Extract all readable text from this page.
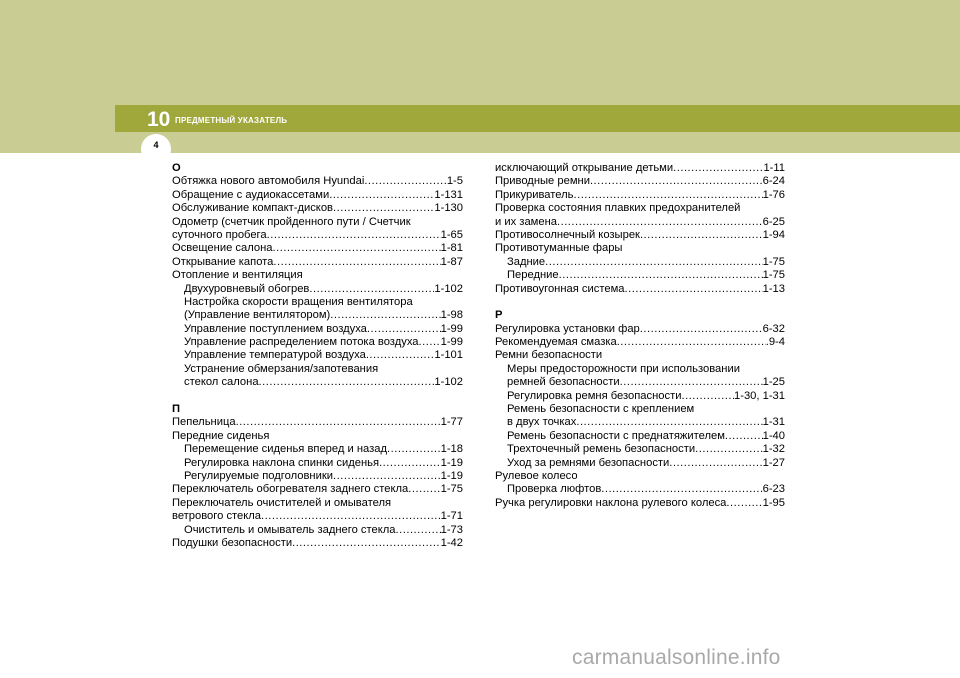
10 ПРЕДМЕТНЫЙ УКАЗАТЕЛЬ
4
О
Обтяжка нового автомобиля Hyundai .....	1-5
Обращение с аудиокассетами .....	1-131
Обслуживание компакт-дисков .....	1-130
Одометр (счетчик пройденного пути / Счетчик
суточного пробега .....	1-65
Освещение салона .....	1-81
Открывание капота .....	1-87
Отопление и вентиляция
Двухуровневый обогрев .....	1-102
Настройка скорости вращения вентилятора
(Управление вентилятором) .....	1-98
Управление поступлением воздуха .....	1-99
Управление распределением потока воздуха ..... 1-99
Управление температурой воздуха .....	1-101
Устранение обмерзания/запотевания
стекол салона .....	1-102
П
Пепельница .....	1-77
Передние сиденья
Перемещение сиденья вперед и назад .....	1-18
Регулировка наклона спинки сиденья .....	1-19
Регулируемые подголовники .....	1-19
Переключатель обогревателя заднего стекла .....	1-75
Переключатель очистителей и омывателя
ветрового стекла .....	1-71
Очиститель и омыватель заднего стекла .....	1-73
Подушки безопасности .....	1-42
исключающий открывание детьми .....	1-11
Приводные ремни .....	6-24
Прикуриватель .....	1-76
Проверка состояния плавких предохранителей
и их замена .....	6-25
Противосолнечный козырек .....	1-94
Противотуманные фары
Задние .....	1-75
Передние .....	1-75
Противоугонная система .....	1-13
Р
Регулировка установки фар .....	6-32
Рекомендуемая смазка .....	.9-4
Ремни безопасности
Меры предосторожности при использовании
ремней безопасности .....	1-25
Регулировка ремня безопасности .....	1-30, 1-31
Ремень безопасности с креплением
в двух точках .....	1-31
Ремень безопасности с преднатяжителем .....	1-40
Трехточечный ремень безопасности .....	1-32
Уход за ремнями безопасности .....	1-27
Рулевое колесо
Проверка люфтов .....	6-23
Ручка регулировки наклона рулевого колеса .....	1-95
carmanualsonline.info
